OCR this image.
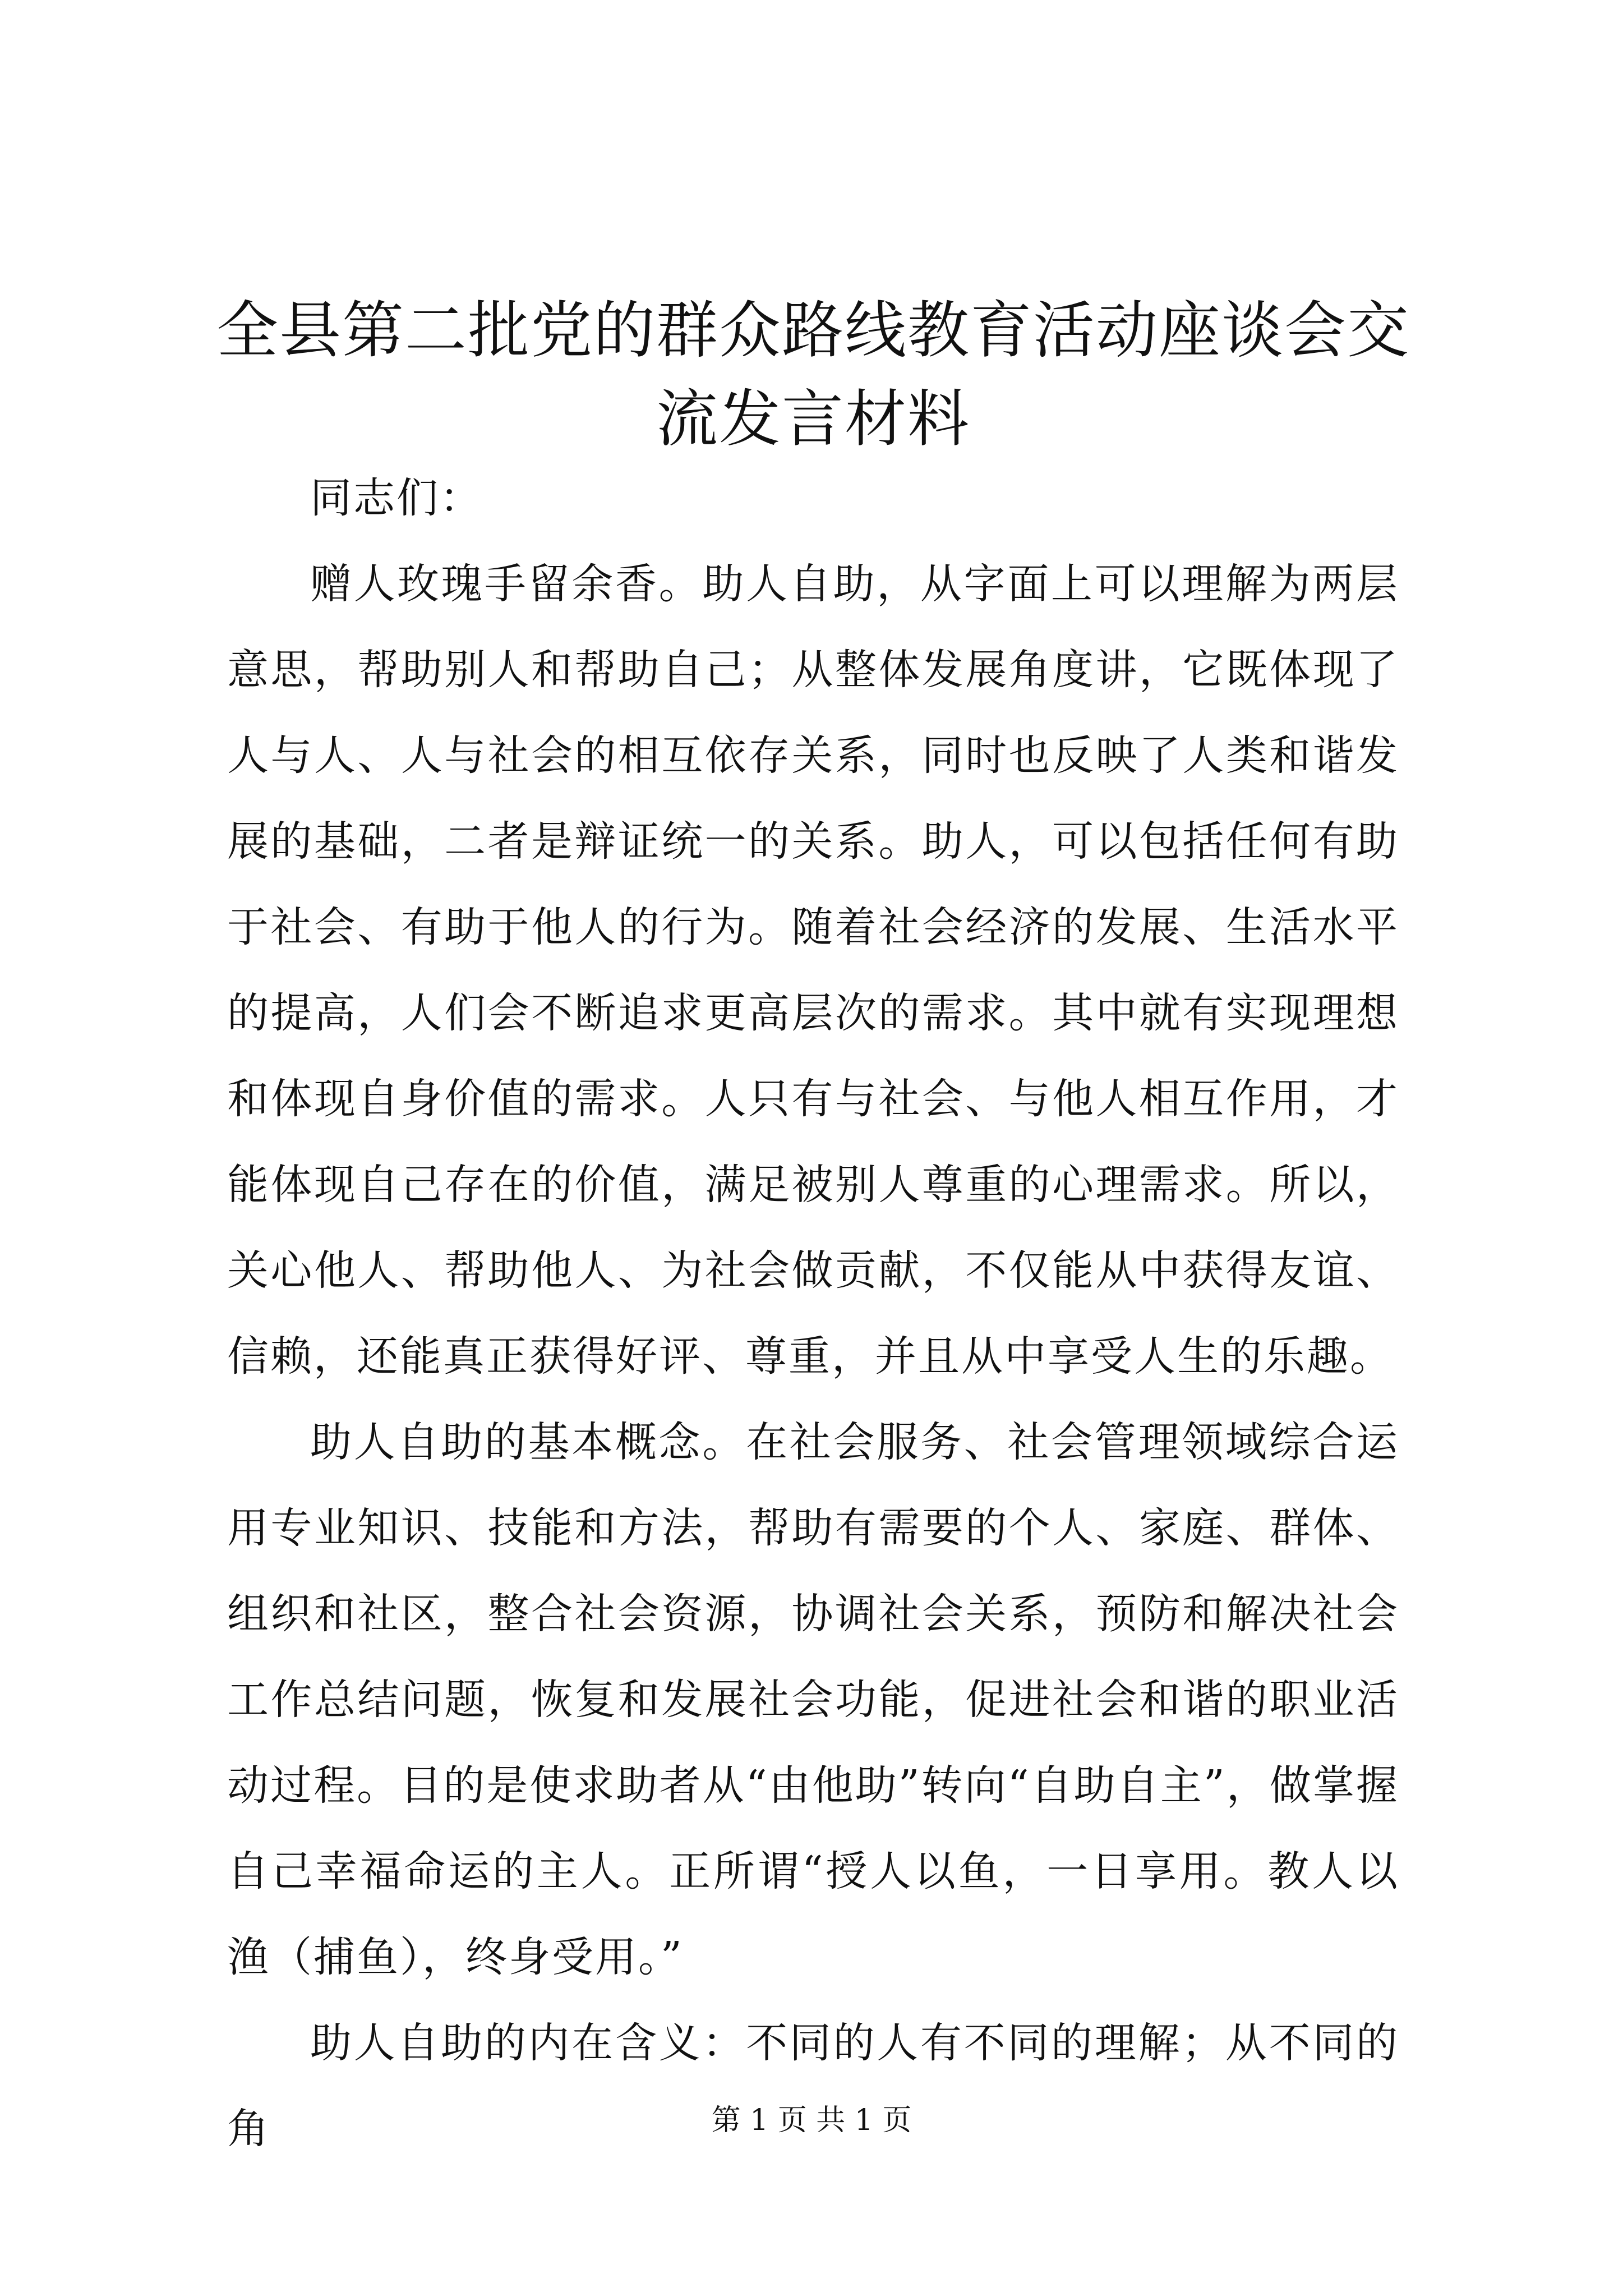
全县第二批党的群众路线教育活动座谈会交流发言材料

同志们：

赠人玫瑰手留余香。助人自助，从字面上可以理解为两层意思，帮助别人和帮助自己；从整体发展角度讲，它既体现了人与人、人与社会的相互依存关系，同时也反映了人类和谐发展的基础，二者是辩证统一的关系。助人，可以包括任何有助于社会、有助于他人的行为。随着社会经济的发展、生活水平的提高，人们会不断追求更高层次的需求。其中就有实现理想和体现自身价值的需求。人只有与社会、与他人相互作用，才能体现自己存在的价值，满足被别人尊重的心理需求。所以，关心他人、帮助他人、为社会做贡献，不仅能从中获得友谊、信赖，还能真正获得好评、尊重，并且从中享受人生的乐趣。

助人自助的基本概念。在社会服务、社会管理领域综合运用专业知识、技能和方法，帮助有需要的个人、家庭、群体、组织和社区，整合社会资源，协调社会关系，预防和解决社会工作总结问题，恢复和发展社会功能，促进社会和谐的职业活动过程。目的是使求助者从“由他助”转向“自助自主”，做掌握自己幸福命运的主人。正所谓“授人以鱼，一日享用。教人以渔（捕鱼），终身受用。”

助人自助的内在含义：不同的人有不同的理解；从不同的角	第 1 页 共 1 页
